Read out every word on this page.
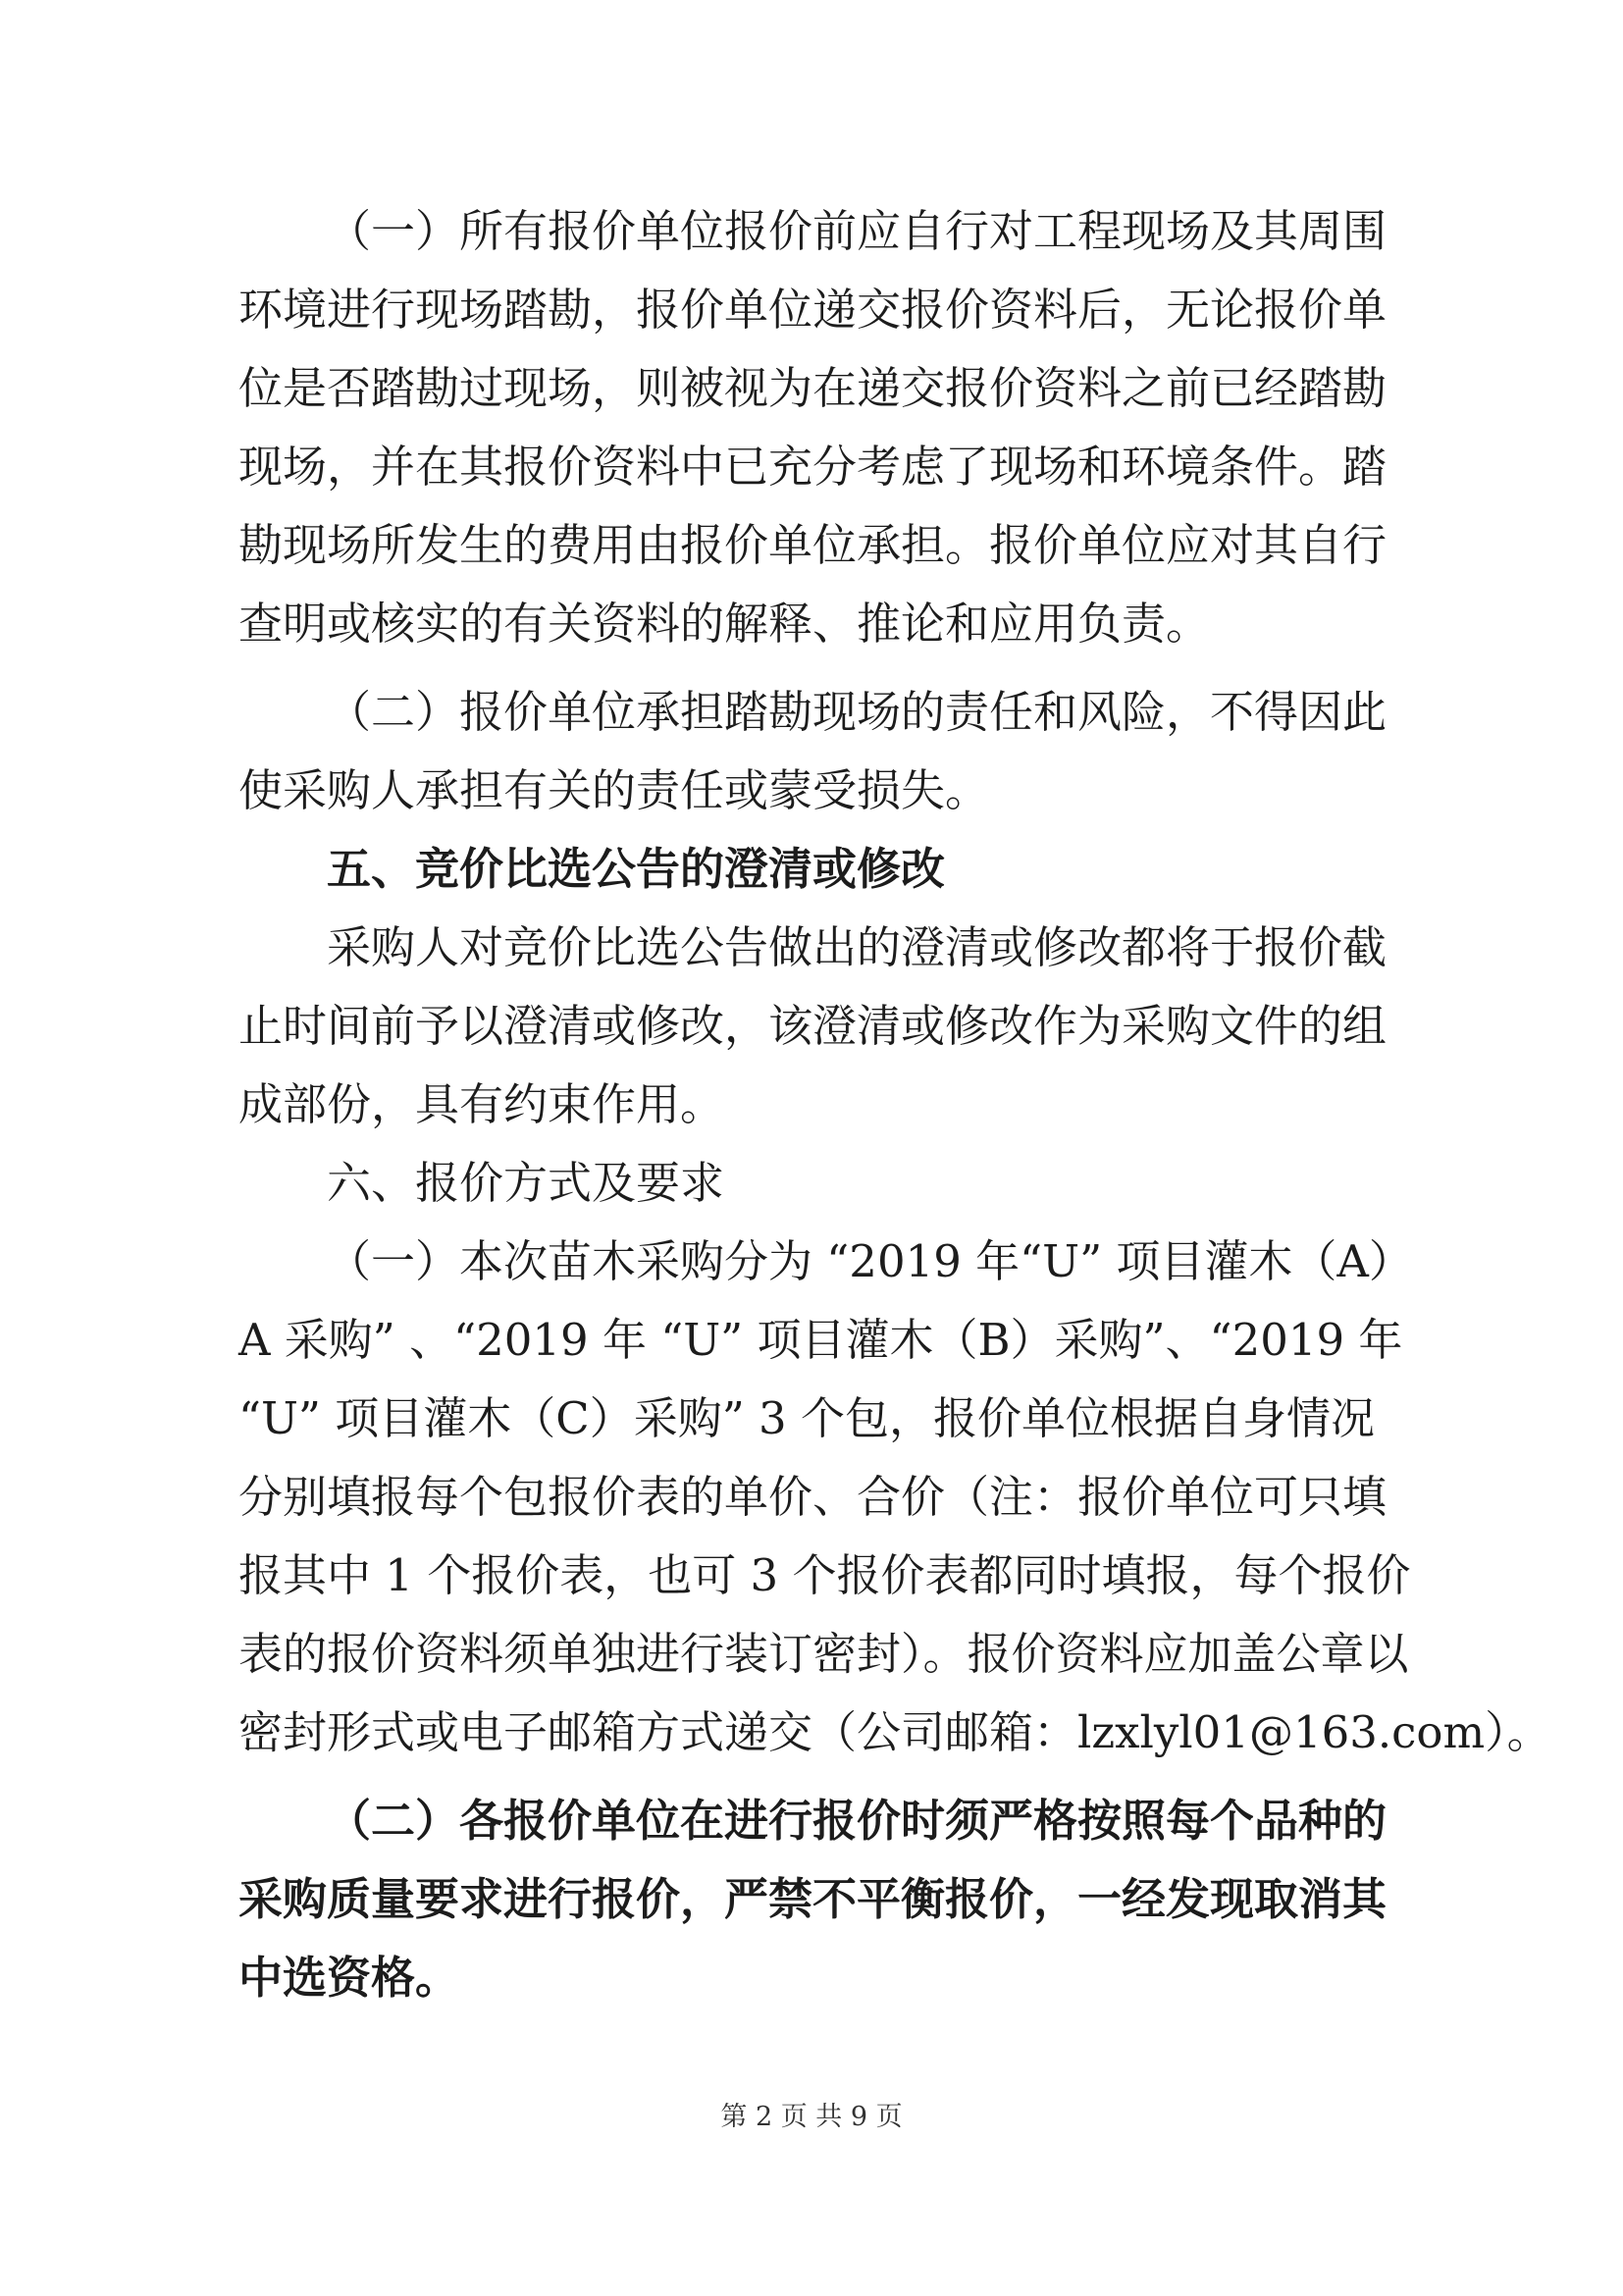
（一）所有报价单位报价前应自行对工程现场及其周围
环境进行现场踏勘，报价单位递交报价资料后，无论报价单
位是否踏勘过现场，则被视为在递交报价资料之前已经踏勘
现场，并在其报价资料中已充分考虑了现场和环境条件。踏
勘现场所发生的费用由报价单位承担。报价单位应对其自行
查明或核实的有关资料的解释、推论和应用负责。
（二）报价单位承担踏勘现场的责任和风险，不得因此
使采购人承担有关的责任或蒙受损失。
五、竞价比选公告的澄清或修改
采购人对竞价比选公告做出的澄清或修改都将于报价截
止时间前予以澄清或修改，该澄清或修改作为采购文件的组
成部份，具有约束作用。
六、报价方式及要求
（一）本次苗木采购分为 “2019 年“U” 项目灌木（A）
A 采购” 、“2019 年 “U” 项目灌木（B）采购”、“2019 年
“U” 项目灌木（C）采购” 3 个包，报价单位根据自身情况
分别填报每个包报价表的单价、合价（注：报价单位可只填
报其中 1 个报价表，也可 3 个报价表都同时填报，每个报价
表的报价资料须单独进行装订密封）。报价资料应加盖公章以
密封形式或电子邮箱方式递交（公司邮箱：lzxlyl01@163.com）。
（二）各报价单位在进行报价时须严格按照每个品种的
采购质量要求进行报价，严禁不平衡报价，一经发现取消其
中选资格。
第 2 页 共 9 页
